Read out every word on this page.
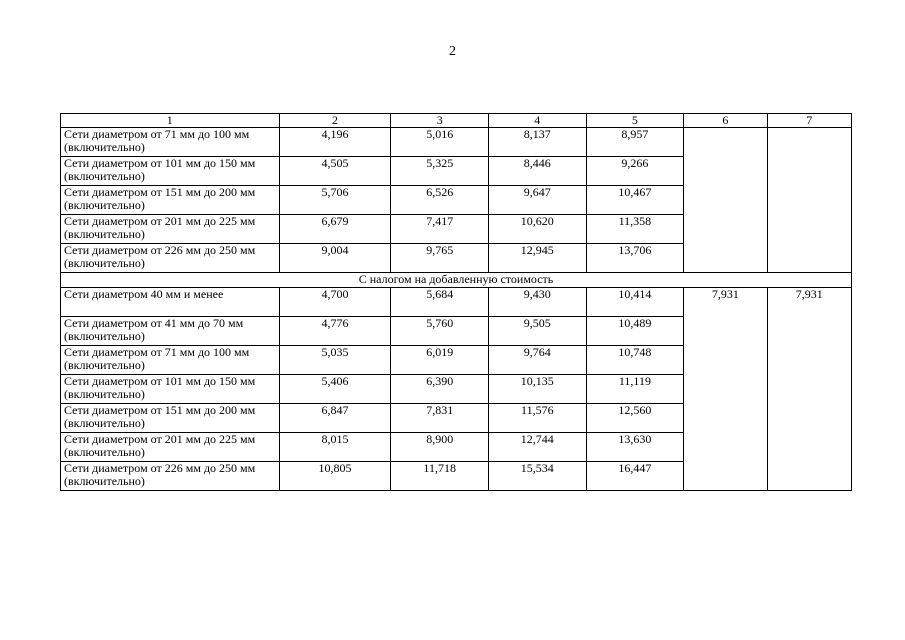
2
1	2	3	4	5	6	7
Сети диаметром от 71 мм до 100 мм (включительно)	4,196	5,016	8,137	8,957		
Сети диаметром от 101 мм до 150 мм (включительно)	4,505	5,325	8,446	9,266		
Сети диаметром от 151 мм до 200 мм (включительно)	5,706	6,526	9,647	10,467		
Сети диаметром от 201 мм до 225 мм (включительно)	6,679	7,417	10,620	11,358		
Сети диаметром от 226 мм до 250 мм (включительно)	9,004	9,765	12,945	13,706		
С налогом на добавленную стоимость						
Сети диаметром 40 мм и менее	4,700	5,684	9,430	10,414	7,931	7,931
Сети диаметром от 41 мм до 70 мм (включительно)	4,776	5,760	9,505	10,489		
Сети диаметром от 71 мм до 100 мм (включительно)	5,035	6,019	9,764	10,748		
Сети диаметром от 101 мм до 150 мм (включительно)	5,406	6,390	10,135	11,119		
Сети диаметром от 151 мм до 200 мм (включительно)	6,847	7,831	11,576	12,560		
Сети диаметром от 201 мм до 225 мм (включительно)	8,015	8,900	12,744	13,630		
Сети диаметром от 226 мм до 250 мм (включительно)	10,805	11,718	15,534	16,447		
